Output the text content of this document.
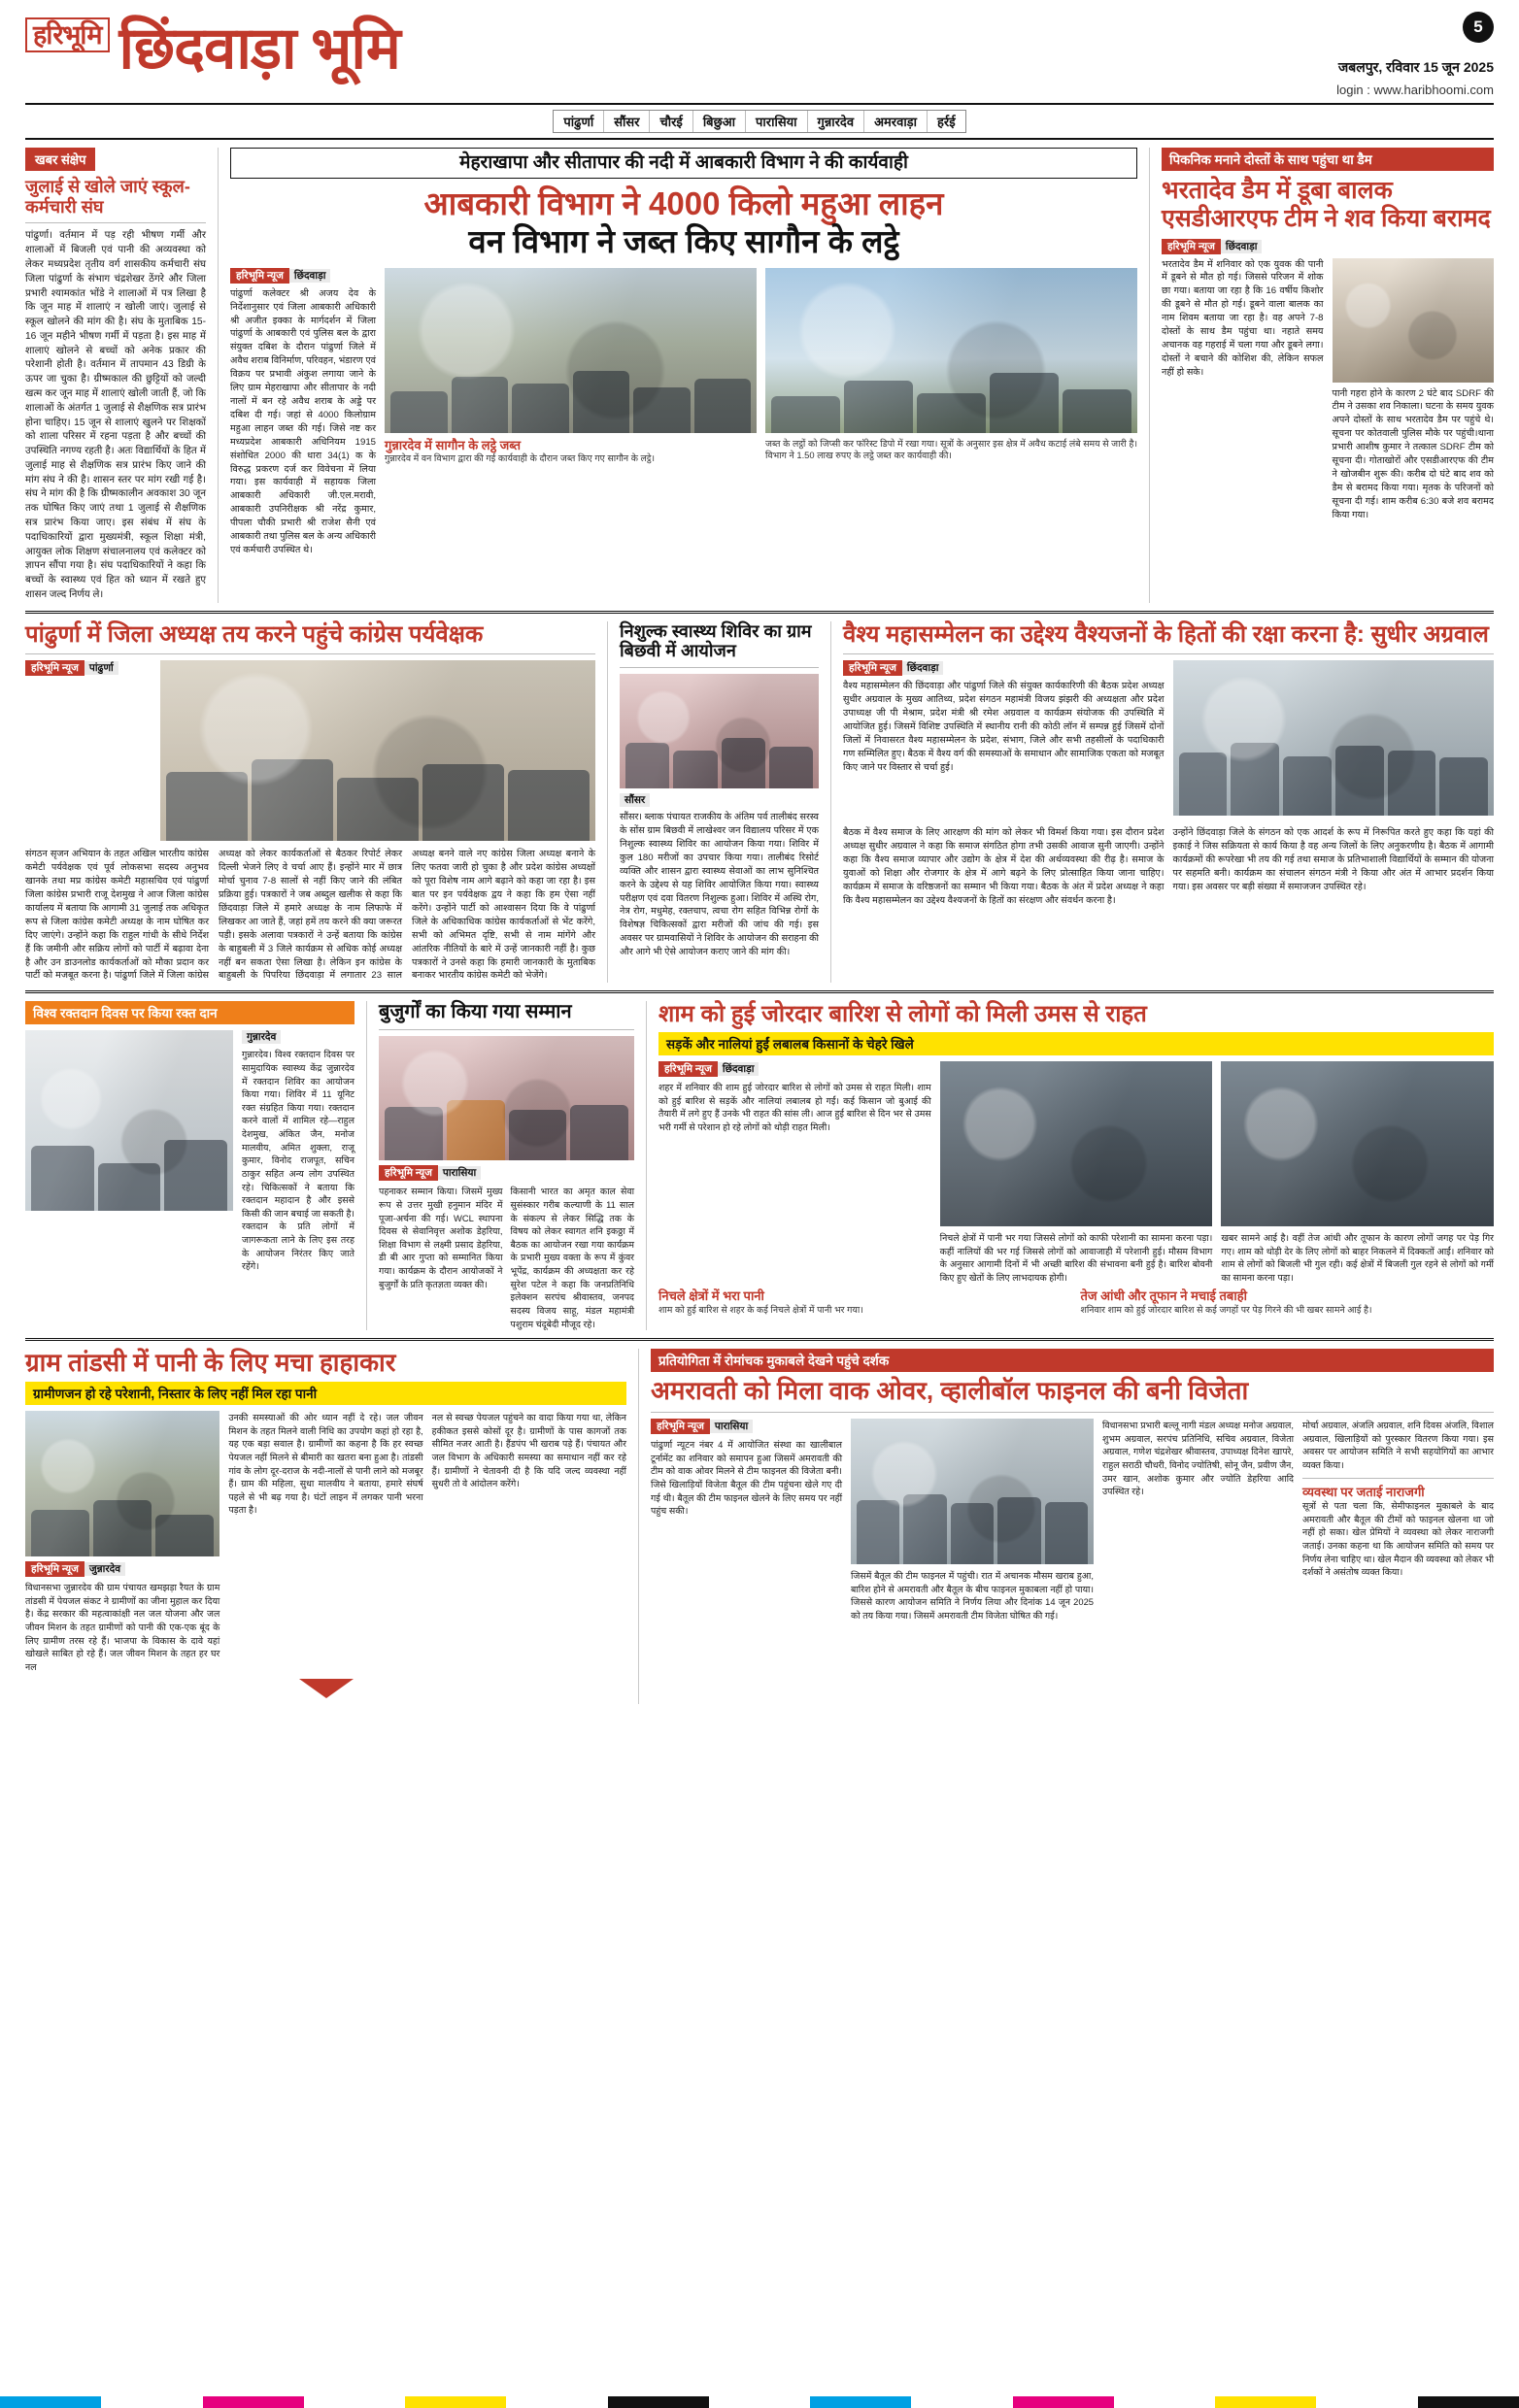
हरिभूमि छिंदवाड़ा भूमि	5
जबलपुर, रविवार 15 जून 2025
login : www.haribhoomi.com
पांढुर्णा	सौंसर	चौरई	बिछुआ	पारासिया	गुन्नारदेव	अमरवाड़ा	हर्रई
खबर संक्षेप
जुलाई से खोले जाएं स्कूल-कर्मचारी संघ
पांढुर्णा। वर्तमान में पड़ रही भीषण गर्मी और शालाओं में बिजली एवं पानी की अव्यवस्था को लेकर मध्यप्रदेश तृतीय वर्ग शासकीय कर्मचारी संघ जिला पांढुर्णा के संभाग चंद्रशेखर ठेंगरे और जिला प्रभारी श्यामकांत भोंडे ने शालाओं में पत्र लिखा है कि जून माह में शालाएं न खोली जाएं। जुलाई से स्कूल खोलने की मांग की है। संघ के मुताबिक 15-16 जून महीने भीषण गर्मी में पड़ता है। इस माह में शालाएं खोलने से बच्चों को अनेक प्रकार की परेशानी होती है। वर्तमान में तापमान 43 डिग्री के ऊपर जा चुका है। ग्रीष्मकाल की छुट्टियों को जल्दी खत्म कर जून माह में शालाएं खोली जाती हैं, जो कि शालाओं के अंतर्गत 1 जुलाई से शैक्षणिक सत्र प्रारंभ होना चाहिए। 15 जून से शालाएं खुलने पर शिक्षकों को शाला परिसर में रहना पड़ता है और बच्चों की उपस्थिति नगण्य रहती है। अतः विद्यार्थियों के हित में जुलाई माह से शैक्षणिक सत्र प्रारंभ किए जाने की मांग संघ ने की है। शासन स्तर पर मांग रखी गई है। संघ ने मांग की है कि ग्रीष्मकालीन अवकाश 30 जून तक घोषित किए जाएं तथा 1 जुलाई से शैक्षणिक सत्र प्रारंभ किया जाए। इस संबंध में संघ के पदाधिकारियों द्वारा मुख्यमंत्री, स्कूल शिक्षा मंत्री, आयुक्त लोक शिक्षण संचालनालय एवं कलेक्टर को ज्ञापन सौंपा गया है। संघ पदाधिकारियों ने कहा कि बच्चों के स्वास्थ्य एवं हित को ध्यान में रखते हुए शासन जल्द निर्णय ले।
मेहराखापा और सीतापार की नदी में आबकारी विभाग ने की कार्यवाही
आबकारी विभाग ने 4000 किलो महुआ लाहन
वन विभाग ने जब्त किए सागौन के लट्ठे
हरिभूमि न्यूज छिंदवाड़ा
पांढुर्णा कलेक्टर श्री अजय देव के निर्देशानुसार एवं जिला आबकारी अधिकारी श्री अजीत इक्का के मार्गदर्शन में जिला पांढुर्णा के आबकारी एवं पुलिस बल के द्वारा संयुक्त दबिश के दौरान पांढुर्णा जिले में अवैध शराब विनिर्माण, परिवहन, भंडारण एवं विक्रय पर प्रभावी अंकुश लगाया जाने के लिए ग्राम मेहराखापा और सीतापार के नदी नालों में बन रहे अवैध शराब के अड्डे पर दबिश दी गई। जहां से 4000 किलोग्राम महुआ लाहन जब्त की गई। जिसे नष्ट कर मध्यप्रदेश आबकारी अधिनियम 1915 संशोधित 2000 की धारा 34(1) क के विरुद्ध प्रकरण दर्ज कर विवेचना में लिया गया। इस कार्यवाही में सहायक जिला आबकारी अधिकारी जी.एल.मरावी, आबकारी उपनिरीक्षक श्री नरेंद्र कुमार, पीपला चौकी प्रभारी श्री राजेश सैनी एवं आबकारी तथा पुलिस बल के अन्य अधिकारी एवं कर्मचारी उपस्थित थे।
गुन्नारदेव में सागौन के लट्ठे जब्त
गुन्नारदेव में वन विभाग द्वारा की गई कार्यवाही के दौरान जब्त किए गए सागौन के लट्ठे।
जब्त के लट्ठों को जिप्सी कर फॉरेस्ट डिपो में रखा गया। सूत्रों के अनुसार इस क्षेत्र में अवैध कटाई लंबे समय से जारी है। विभाग ने 1.50 लाख रुपए के लट्ठे जब्त कर कार्यवाही की।
पिकनिक मनाने दोस्तों के साथ पहुंचा था डैम
भरतादेव डैम में डूबा बालक एसडीआरएफ टीम ने शव किया बरामद
हरिभूमि न्यूज छिंदवाड़ा
भरतादेव डैम में शनिवार को एक युवक की पानी में डूबने से मौत हो गई। जिससे परिजन में शोक छा गया। बताया जा रहा है कि 16 वर्षीय किशोर की डूबने से मौत हो गई। डूबने वाला बालक का नाम शिवम बताया जा रहा है। वह अपने 7-8 दोस्तों के साथ डैम पहुंचा था। नहाते समय अचानक वह गहराई में चला गया और डूबने लगा। दोस्तों ने बचाने की कोशिश की, लेकिन सफल नहीं हो सके।
पानी गहरा होने के कारण 2 घंटे बाद SDRF की टीम ने उसका शव निकाला। घटना के समय युवक अपने दोस्तों के साथ भरतादेव डैम पर पहुंचे थे। सूचना पर कोतवाली पुलिस मौके पर पहुंची।थाना प्रभारी आशीष कुमार ने तत्काल SDRF टीम को सूचना दी। गोताखोरों और एसडीआरएफ की टीम ने खोजबीन शुरू की। करीब दो घंटे बाद शव को डैम से बरामद किया गया। मृतक के परिजनों को सूचना दी गई। शाम करीब 6:30 बजे शव बरामद किया गया।
पांढुर्णा में जिला अध्यक्ष तय करने पहुंचे कांग्रेस पर्यवेक्षक
हरिभूमि न्यूज पांढुर्णा
संगठन सृजन अभियान के तहत अखिल भारतीय कांग्रेस कमेटी पर्यवेक्षक एवं पूर्व लोकसभा सदस्य अनुभव खानके तथा मप्र कांग्रेस कमेटी महासचिव एवं पांढुर्णा जिला कांग्रेस प्रभारी राजू देशमुख ने आज जिला कांग्रेस कार्यालय में बताया कि आगामी 31 जुलाई तक अधिकृत रूप से जिला कांग्रेस कमेटी अध्यक्ष के नाम घोषित कर दिए जाएंगे। उन्होंने कहा कि राहुल गांधी के सीधे निर्देश हैं कि जमीनी और सक्रिय लोगों को पार्टी में बढ़ावा देना है और उन डाउनलोड कार्यकर्ताओं को मौका प्रदान कर पार्टी को मजबूत करना है। पांढुर्णा जिले में जिला कांग्रेस अध्यक्ष को लेकर कार्यकर्ताओं से बैठकर रिपोर्ट लेकर दिल्ली भेजने लिए वे चर्चा आए हैं। इन्होंने मार में छात्र मोर्चा चुनाव 7-8 सालों से नहीं किए जाने की लंबित प्रक्रिया हुई। पत्रकारों ने जब अब्दुल खलीक से कहा कि छिंदवाड़ा जिले में हमारे अध्यक्ष के नाम लिफाफे में लिखकर आ जाते हैं, जहां हमें तय करने की क्या जरूरत पड़ी। इसके अलावा पत्रकारों ने उन्हें बताया कि कांग्रेस के बाहुबली में 3 जिले कार्यक्रम से अधिक कोई अध्यक्ष नहीं बन सकता ऐसा लिखा है। लेकिन इन कांग्रेस के बाहुबली के पिपरिया छिंदवाड़ा में लगातार 23 साल अध्यक्ष बनने वाले नए कांग्रेस जिला अध्यक्ष बनाने के लिए फतवा जारी हो चुका है और प्रदेश कांग्रेस अध्यक्षों को पूरा विशेष नाम आगे बढ़ाने को कहा जा रहा है। इस बात पर इन पर्यवेक्षक द्वय ने कहा कि हम ऐसा नहीं करेंगे। उन्होंने पार्टी को आश्वासन दिया कि वे पांढुर्णा जिले के अधिकाधिक कांग्रेस कार्यकर्ताओं से भेंट करेंगे, सभी को अभिमत दृष्टि, सभी से नाम मांगेंगे और आंतरिक नीतियों के बारे में उन्हें जानकारी नहीं है। कुछ पत्रकारों ने उनसे कहा कि हमारी जानकारी के मुताबिक बनाकर भारतीय कांग्रेस कमेटी को भेजेंगे।
निशुल्क स्वास्थ्य शिविर का ग्राम बिछवी में आयोजन
सौंसर
सौंसर। ब्लाक पंचायत राजकीय के अंतिम पर्व तालीबंद सरस्व के सोंस ग्राम बिछवी में लाखेश्वर जन विद्यालय परिसर में एक निशुल्क स्वास्थ्य शिविर का आयोजन किया गया। शिविर में कुल 180 मरीजों का उपचार किया गया। तालीबंद रिसोर्ट व्यक्ति और शासन द्वारा स्वास्थ्य सेवाओं का लाभ सुनिश्चित करने के उद्देश्य से यह शिविर आयोजित किया गया। स्वास्थ्य परीक्षण एवं दवा वितरण निशुल्क हुआ। शिविर में अस्थि रोग, नेत्र रोग, मधुमेह, रक्तचाप, त्वचा रोग सहित विभिन्न रोगों के विशेषज्ञ चिकित्सकों द्वारा मरीजों की जांच की गई। इस अवसर पर ग्रामवासियों ने शिविर के आयोजन की सराहना की और आगे भी ऐसे आयोजन कराए जाने की मांग की।
वैश्य महासम्मेलन का उद्देश्य वैश्यजनों के हितों की रक्षा करना है: सुधीर अग्रवाल
हरिभूमि न्यूज छिंदवाड़ा
वैश्य महासम्मेलन की छिंदवाड़ा और पांढुर्णा जिले की संयुक्त कार्यकारिणी की बैठक प्रदेश अध्यक्ष सुधीर अग्रवाल के मुख्य आतिथ्य, प्रदेश संगठन महामंत्री विजय झंझरी की अध्यक्षता और प्रदेश उपाध्यक्ष जी पी मेश्राम, प्रदेश मंत्री श्री रमेश अग्रवाल व कार्यक्रम संयोजक की उपस्थिति में आयोजित हुई। जिसमें विशिष्ट उपस्थिति में स्थानीय रानी की कोठी लॉन में सम्पन्न हुई जिसमें दोनों जिलों में निवासरत वैश्य महासम्मेलन के प्रदेश, संभाग, जिले और सभी तहसीलों के पदाधिकारी गण सम्मिलित हुए। बैठक में वैश्य वर्ग की समस्याओं के समाधान और सामाजिक एकता को मजबूत किए जाने पर विस्तार से चर्चा हुई।
बैठक में वैश्य समाज के लिए आरक्षण की मांग को लेकर भी विमर्श किया गया। इस दौरान प्रदेश अध्यक्ष सुधीर अग्रवाल ने कहा कि समाज संगठित होगा तभी उसकी आवाज सुनी जाएगी। उन्होंने कहा कि वैश्य समाज व्यापार और उद्योग के क्षेत्र में देश की अर्थव्यवस्था की रीढ़ है। समाज के युवाओं को शिक्षा और रोजगार के क्षेत्र में आगे बढ़ने के लिए प्रोत्साहित किया जाना चाहिए। कार्यक्रम में समाज के वरिष्ठजनों का सम्मान भी किया गया। बैठक के अंत में प्रदेश अध्यक्ष ने कहा कि वैश्य महासम्मेलन का उद्देश्य वैश्यजनों के हितों का संरक्षण और संवर्धन करना है।
उन्होंने छिंदवाड़ा जिले के संगठन को एक आदर्श के रूप में निरूपित करते हुए कहा कि यहां की इकाई ने जिस सक्रियता से कार्य किया है वह अन्य जिलों के लिए अनुकरणीय है। बैठक में आगामी कार्यक्रमों की रूपरेखा भी तय की गई तथा समाज के प्रतिभाशाली विद्यार्थियों के सम्मान की योजना पर सहमति बनी। कार्यक्रम का संचालन संगठन मंत्री ने किया और अंत में आभार प्रदर्शन किया गया। इस अवसर पर बड़ी संख्या में समाजजन उपस्थित रहे।
विश्व रक्तदान दिवस पर किया रक्त दान
गुन्नारदेव
गुन्नारदेव। विश्व रक्तदान दिवस पर सामुदायिक स्वास्थ्य केंद्र जुन्नारदेव में रक्तदान शिविर का आयोजन किया गया। शिविर में 11 यूनिट रक्त संग्रहित किया गया। रक्तदान करने वालों में शामिल रहे—राहुल देशमुख, अंकित जैन, मनोज मालवीय, अमित शुक्ला, राजू कुमार, विनोद राजपूत, सचिन ठाकुर सहित अन्य लोग उपस्थित रहे। चिकित्सकों ने बताया कि रक्तदान महादान है और इससे किसी की जान बचाई जा सकती है। रक्तदान के प्रति लोगों में जागरूकता लाने के लिए इस तरह के आयोजन निरंतर किए जाते रहेंगे।
बुजुर्गों का किया गया सम्मान
हरिभूमि न्यूज पारासिया
पहनाकर सम्मान किया। जिसमें मुख्य रूप से उत्तर मुखी हनुमान मंदिर में पूजा-अर्चना की गई। WCL स्थापना दिवस से सेवानिवृत्त अशोक डेहरिया, शिक्षा विभाग से लक्ष्मी प्रसाद डेहरिया, डी बी आर गुप्ता को सम्मानित किया गया। कार्यक्रम के दौरान आयोजकों ने बुजुर्गों के प्रति कृतज्ञता व्यक्त की।
किसानी भारत का अमृत काल सेवा सुसंस्कार गरीब कल्याणी के 11 साल के संकल्प से लेकर सिद्धि तक के विषय को लेकर स्वागत शनि इकठ्ठा में बैठक का आयोजन रखा गया कार्यक्रम के प्रभारी मुख्य वक्ता के रूप में कुंवर भूपेंद्र, कार्यक्रम की अध्यक्षता कर रहे सुरेश पटेल ने कहा कि जनप्रतिनिधि इलेक्शन सरपंच श्रीवास्तव, जनपद सदस्य विजय साहू, मंडल महामंत्री पशुराम चंदूबेदी मौजूद रहे।
शाम को हुई जोरदार बारिश से लोगों को मिली उमस से राहत
सड़कें और नालियां हुईं लबालब किसानों के चेहरे खिले
हरिभूमि न्यूज छिंदवाड़ा
शहर में शनिवार की शाम हुई जोरदार बारिश से लोगों को उमस से राहत मिली। शाम को हुई बारिश से सड़कें और नालियां लबालब हो गईं। कई किसान जो बुआई की तैयारी में लगे हुए हैं उनके भी राहत की सांस ली। आज हुई बारिश से दिन भर से उमस भरी गर्मी से परेशान हो रहे लोगों को थोड़ी राहत मिली।
निचले क्षेत्रों में पानी भर गया जिससे लोगों को काफी परेशानी का सामना करना पड़ा। कहीं नालियों की भर गई जिससे लोगों को आवाजाही में परेशानी हुई। मौसम विभाग के अनुसार आगामी दिनों में भी अच्छी बारिश की संभावना बनी हुई है। बारिश बोवनी किए हुए खेतों के लिए लाभदायक होगी।
खबर सामने आई है। वहीं तेज आंधी और तूफान के कारण लोगों जगह पर पेड़ गिर गए। शाम को थोड़ी देर के लिए लोगों को बाहर निकलने में दिक्कतों आईं। शनिवार को शाम से लोगों को बिजली भी गुल रही। कई क्षेत्रों में बिजली गुल रहने से लोगों को गर्मी का सामना करना पड़ा।
निचले क्षेत्रों में भरा पानी
शाम को हुई बारिश से शहर के कई निचले क्षेत्रों में पानी भर गया।
तेज आंधी और तूफान ने मचाई तबाही
शनिवार शाम को हुई जोरदार बारिश से कई जगहों पर पेड़ गिरने की भी खबर सामने आई है।
ग्राम तांडसी में पानी के लिए मचा हाहाकार
ग्रामीणजन हो रहे परेशानी, निस्तार के लिए नहीं मिल रहा पानी
हरिभूमि न्यूज जुन्नारदेव
विधानसभा जुन्नारदेव की ग्राम पंचायत खमझड़ा रैयत के ग्राम तांडसी में पेयजल संकट ने ग्रामीणों का जीना मुहाल कर दिया है। केंद्र सरकार की महत्वाकांक्षी नल जल योजना और जल जीवन मिशन के तहत ग्रामीणों को पानी की एक-एक बूंद के लिए ग्रामीण तरस रहे हैं। भाजपा के विकास के दावे यहां खोखले साबित हो रहे हैं। जल जीवन मिशन के तहत हर घर नल
उनकी समस्याओं की ओर ध्यान नहीं दे रहे। जल जीवन मिशन के तहत मिलने वाली निधि का उपयोग कहां हो रहा है, यह एक बड़ा सवाल है। ग्रामीणों का कहना है कि हर स्वच्छ पेयजल नहीं मिलने से बीमारी का खतरा बना हुआ है। तांडसी गांव के लोग दूर-दराज के नदी-नालों से पानी लाने को मजबूर हैं। ग्राम की महिला, सुधा मालवीय ने बताया, हमारे संघर्ष पहले से भी बढ़ गया है। घंटों लाइन में लगकर पानी भरना पड़ता है।
नल से स्वच्छ पेयजल पहुंचने का वादा किया गया था, लेकिन हकीकत इससे कोसों दूर है। ग्रामीणों के पास कागजों तक सीमित नजर आती है। हैंडपंप भी खराब पड़े हैं। पंचायत और जल विभाग के अधिकारी समस्या का समाधान नहीं कर रहे हैं। ग्रामीणों ने चेतावनी दी है कि यदि जल्द व्यवस्था नहीं सुधरी तो वे आंदोलन करेंगे।
प्रतियोगिता में रोमांचक मुकाबले देखने पहुंचे दर्शक
अमरावती को मिला वाक ओवर, व्हालीबॉल फाइनल की बनी विजेता
हरिभूमि न्यूज पारासिया
पांढुर्णा न्यूटन नंबर 4 में आयोजित संस्था का खालीबाल टूर्नामेंट का शनिवार को समापन हुआ जिसमें अमरावती की टीम को वाक ओवर मिलने से टीम फाइनल की विजेता बनी। जिसे खिलाड़ियों विजेता बैतूल की टीम पहुंचना खेले गए दी गई थी। बैतूल की टीम फाइनल खेलने के लिए समय पर नहीं पहुंच सकी।
जिसमें बैतूल की टीम फाइनल में पहुंची। रात में अचानक मौसम खराब हुआ, बारिश होने से अमरावती और बैतूल के बीच फाइनल मुकाबला नहीं हो पाया। जिससे कारण आयोजन समिति ने निर्णय लिया और दिनांक 14 जून 2025 को तय किया गया। जिसमें अमरावती टीम विजेता घोषित की गई।
विधानसभा प्रभारी बल्लू नागी मंडल अध्यक्ष मनोज अग्रवाल, शुभम अग्रवाल, सरपंच प्रतिनिधि, सचिव अग्रवाल, विजेता अग्रवाल, गणेश चंद्रशेखर श्रीवास्तव, उपाध्यक्ष दिनेश खापरे, राहुल सराठी चौधरी, विनोद ज्योतिषी, सोनू जैन, प्रवीण जैन, उमर खान, अशोक कुमार और ज्योति डेहरिया आदि उपस्थित रहे।
मोर्चा अग्रवाल, अंजलि अग्रवाल, शनि दिवस अंजलि, विशाल अग्रवाल, खिलाड़ियों को पुरस्कार वितरण किया गया। इस अवसर पर आयोजन समिति ने सभी सहयोगियों का आभार व्यक्त किया।
व्यवस्था पर जताई नाराजगी
सूत्रों से पता चला कि, सेमीफाइनल मुकाबले के बाद अमरावती और बैतूल की टीमों को फाइनल खेलना था जो नहीं हो सका। खेल प्रेमियों ने व्यवस्था को लेकर नाराजगी जताई। उनका कहना था कि आयोजन समिति को समय पर निर्णय लेना चाहिए था। खेल मैदान की व्यवस्था को लेकर भी दर्शकों ने असंतोष व्यक्त किया।
